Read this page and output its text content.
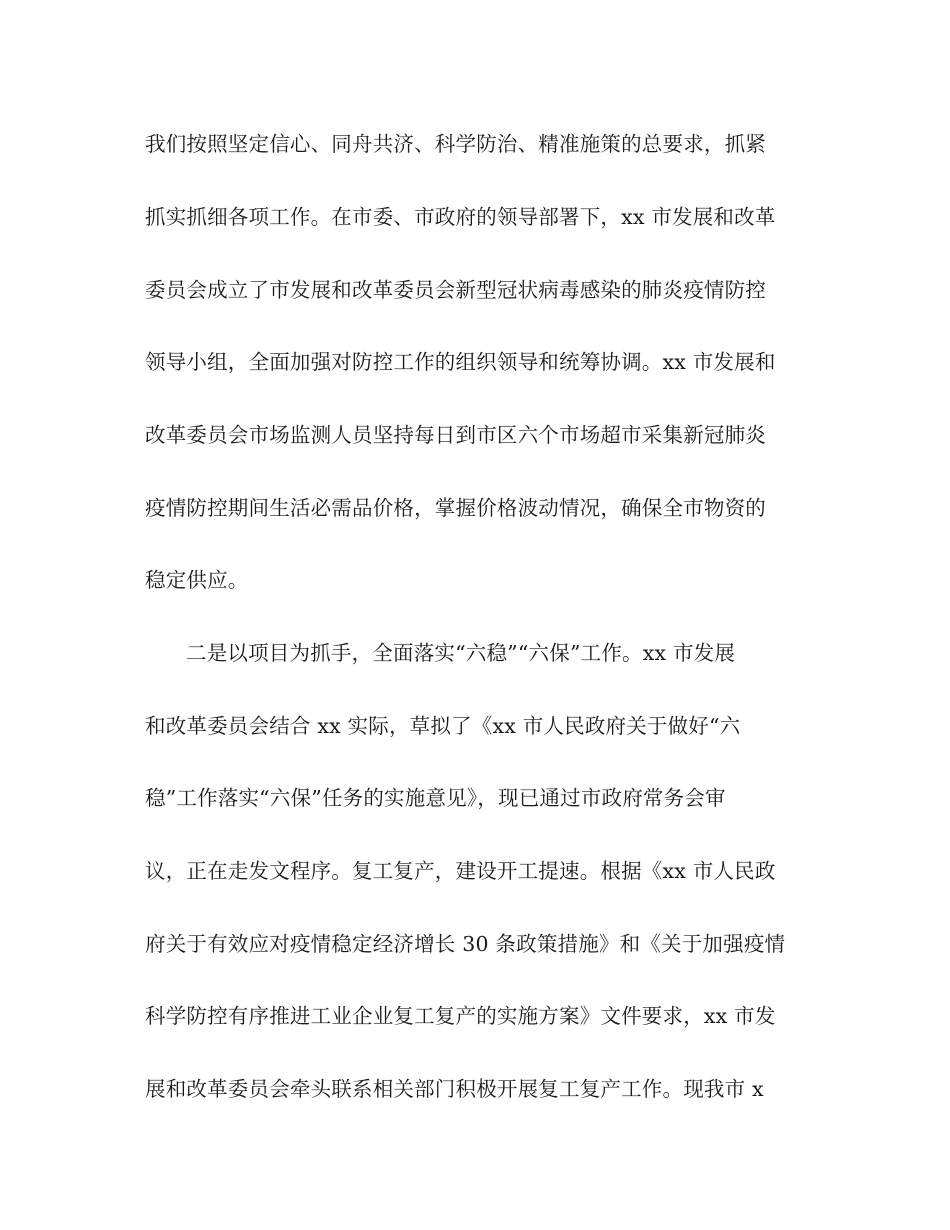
我们按照坚定信心、同舟共济、科学防治、精准施策的总要求，抓紧
抓实抓细各项工作。在市委、市政府的领导部署下，xx 市发展和改革
委员会成立了市发展和改革委员会新型冠状病毒感染的肺炎疫情防控
领导小组，全面加强对防控工作的组织领导和统筹协调。xx 市发展和
改革委员会市场监测人员坚持每日到市区六个市场超市采集新冠肺炎
疫情防控期间生活必需品价格，掌握价格波动情况，确保全市物资的
稳定供应。
二是以项目为抓手，全面落实“六稳”“六保”工作。xx 市发展
和改革委员会结合 xx 实际，草拟了《xx 市人民政府关于做好“六
稳”工作落实“六保”任务的实施意见》，现已通过市政府常务会审
议，正在走发文程序。复工复产，建设开工提速。根据《xx 市人民政
府关于有效应对疫情稳定经济增长 30 条政策措施》和《关于加强疫情
科学防控有序推进工业企业复工复产的实施方案》文件要求，xx 市发
展和改革委员会牵头联系相关部门积极开展复工复产工作。现我市 x
